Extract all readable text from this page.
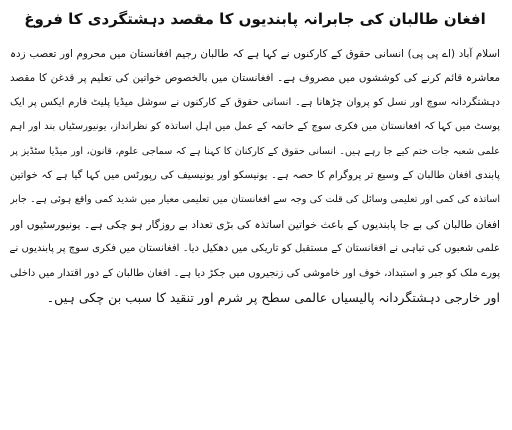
افغان طالبان کی جابرانہ پابندیوں کا مقصد دہشتگردی کا فروغ
اسلام آباد (اے پی پی) انسانی حقوق کے کارکنوں نے کہا ہے کہ طالبان رجیم افغانستان میں محروم اور تعصب زدہ
معاشرہ قائم کرنے کی کوششوں میں مصروف ہے۔ افغانستان میں بالخصوص خواتین کی تعلیم پر قدغن کا مقصد
دہشتگردانہ سوچ اور نسل کو پروان چڑھانا ہے۔ انسانی حقوق کے کارکنوں نے سوشل میڈیا پلیٹ فارم ایکس پر ایک
پوسٹ میں کہا کہ افغانستان میں فکری سوچ کے خاتمہ کے عمل میں اہل اساتذہ کو نظرانداز، یونیورسٹیاں بند اور اہم
علمی شعبہ جات ختم کیے جا رہے ہیں۔ انسانی حقوق کے کارکنان کا کہنا ہے کہ سماجی علوم، قانون، اور میڈیا سٹڈیز پر
پابندی افغان طالبان کے وسیع تر پروگرام کا حصہ ہے۔ یونیسکو اور یونیسیف کی رپورٹس میں کہا گیا ہے کہ خواتین
اساتذہ کی کمی اور تعلیمی وسائل کی قلت کی وجہ سے افغانستان میں تعلیمی معیار میں شدید کمی واقع ہوئی ہے۔ جابر
افغان طالبان کی بے جا پابندیوں کے باعث خواتین اساتذہ کی بڑی تعداد بے روزگار ہو چکی ہے۔ یونیورسٹیوں اور
علمی شعبوں کی تباہی نے افغانستان کے مستقبل کو تاریکی میں دھکیل دیا۔ افغانستان میں فکری سوچ پر پابندیوں نے
پورے ملک کو جبر و استبداد، خوف اور خاموشی کی زنجیروں میں جکڑ دیا ہے۔ افغان طالبان کے دور اقتدار میں داخلی
اور خارجی دہشتگردانہ پالیسیاں عالمی سطح پر شرم اور تنقید کا سبب بن چکی ہیں۔
